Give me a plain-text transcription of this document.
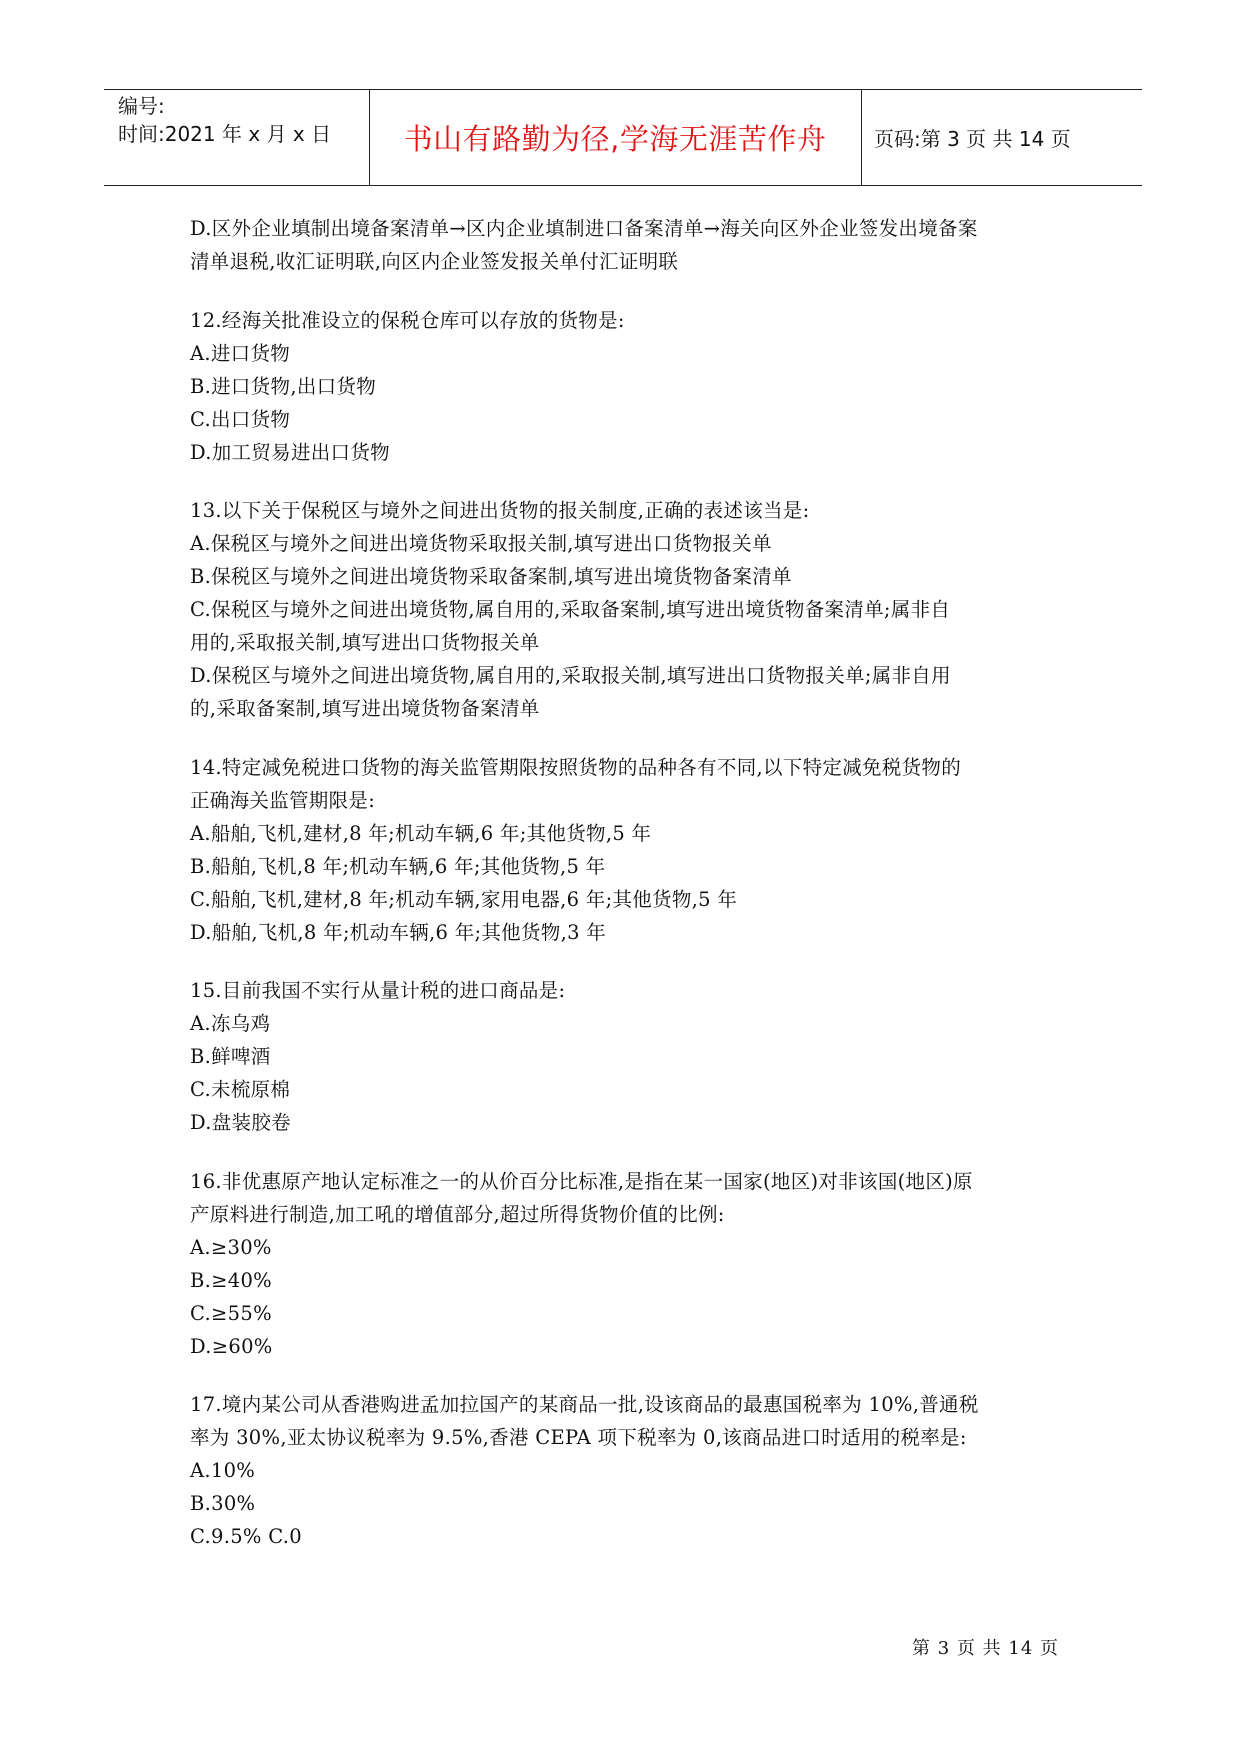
编号:
时间:2021 年 x 月 x 日	书山有路勤为径,学海无涯苦作舟	页码:第 3 页 共 14 页
D.区外企业填制出境备案清单→区内企业填制进口备案清单→海关向区外企业签发出境备案
清单退税,收汇证明联,向区内企业签发报关单付汇证明联
12.经海关批准设立的保税仓库可以存放的货物是:
A.进口货物
B.进口货物,出口货物
C.出口货物
D.加工贸易进出口货物
13.以下关于保税区与境外之间进出货物的报关制度,正确的表述该当是:
A.保税区与境外之间进出境货物采取报关制,填写进出口货物报关单
B.保税区与境外之间进出境货物采取备案制,填写进出境货物备案清单
C.保税区与境外之间进出境货物,属自用的,采取备案制,填写进出境货物备案清单;属非自
用的,采取报关制,填写进出口货物报关单
D.保税区与境外之间进出境货物,属自用的,采取报关制,填写进出口货物报关单;属非自用
的,采取备案制,填写进出境货物备案清单
14.特定减免税进口货物的海关监管期限按照货物的品种各有不同,以下特定减免税货物的
正确海关监管期限是:
A.船舶,飞机,建材,8 年;机动车辆,6 年;其他货物,5 年
B.船舶,飞机,8 年;机动车辆,6 年;其他货物,5 年
C.船舶,飞机,建材,8 年;机动车辆,家用电器,6 年;其他货物,5 年
D.船舶,飞机,8 年;机动车辆,6 年;其他货物,3 年
15.目前我国不实行从量计税的进口商品是:
A.冻乌鸡
B.鲜啤酒
C.未梳原棉
D.盘装胶卷
16.非优惠原产地认定标准之一的从价百分比标准,是指在某一国家(地区)对非该国(地区)原
产原料进行制造,加工吼的增值部分,超过所得货物价值的比例:
A.≥30%
B.≥40%
C.≥55%
D.≥60%
17.境内某公司从香港购进孟加拉国产的某商品一批,设该商品的最惠国税率为 10%,普通税
率为 30%,亚太协议税率为 9.5%,香港 CEPA 项下税率为 0,该商品进口时适用的税率是:
A.10%
B.30%
C.9.5% C.0
第 3 页 共 14 页
